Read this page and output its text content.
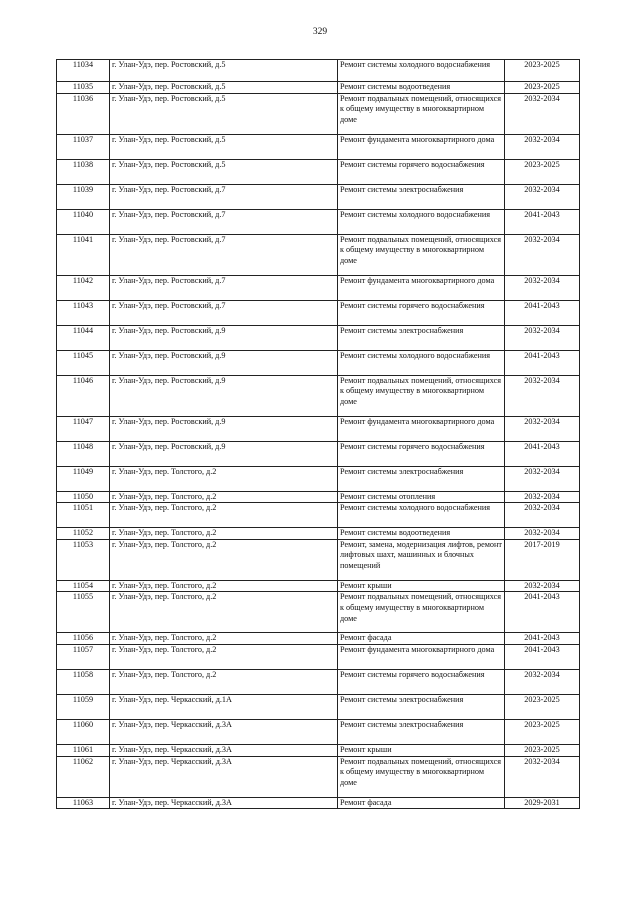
329
11034	г. Улан-Удэ, пер. Ростовский, д.5	Ремонт системы холодного водоснабжения	2023-2025
11035	г. Улан-Удэ, пер. Ростовский, д.5	Ремонт системы водоотведения	2023-2025
11036	г. Улан-Удэ, пер. Ростовский, д.5	Ремонт подвальных помещений, относящихся к общему имуществу в многоквартирном доме	2032-2034
11037	г. Улан-Удэ, пер. Ростовский, д.5	Ремонт фундамента многоквартирного дома	2032-2034
11038	г. Улан-Удэ, пер. Ростовский, д.5	Ремонт системы горячего водоснабжения	2023-2025
11039	г. Улан-Удэ, пер. Ростовский, д.7	Ремонт системы электроснабжения	2032-2034
11040	г. Улан-Удэ, пер. Ростовский, д.7	Ремонт системы холодного водоснабжения	2041-2043
11041	г. Улан-Удэ, пер. Ростовский, д.7	Ремонт подвальных помещений, относящихся к общему имуществу в многоквартирном доме	2032-2034
11042	г. Улан-Удэ, пер. Ростовский, д.7	Ремонт фундамента многоквартирного дома	2032-2034
11043	г. Улан-Удэ, пер. Ростовский, д.7	Ремонт системы горячего водоснабжения	2041-2043
11044	г. Улан-Удэ, пер. Ростовский, д.9	Ремонт системы электроснабжения	2032-2034
11045	г. Улан-Удэ, пер. Ростовский, д.9	Ремонт системы холодного водоснабжения	2041-2043
11046	г. Улан-Удэ, пер. Ростовский, д.9	Ремонт подвальных помещений, относящихся к общему имуществу в многоквартирном доме	2032-2034
11047	г. Улан-Удэ, пер. Ростовский, д.9	Ремонт фундамента многоквартирного дома	2032-2034
11048	г. Улан-Удэ, пер. Ростовский, д.9	Ремонт системы горячего водоснабжения	2041-2043
11049	г. Улан-Удэ, пер. Толстого, д.2	Ремонт системы электроснабжения	2032-2034
11050	г. Улан-Удэ, пер. Толстого, д.2	Ремонт системы отопления	2032-2034
11051	г. Улан-Удэ, пер. Толстого, д.2	Ремонт системы холодного водоснабжения	2032-2034
11052	г. Улан-Удэ, пер. Толстого, д.2	Ремонт системы водоотведения	2032-2034
11053	г. Улан-Удэ, пер. Толстого, д.2	Ремонт, замена, модернизация лифтов, ремонт лифтовых шахт, машинных и блочных помещений	2017-2019
11054	г. Улан-Удэ, пер. Толстого, д.2	Ремонт крыши	2032-2034
11055	г. Улан-Удэ, пер. Толстого, д.2	Ремонт подвальных помещений, относящихся к общему имуществу в многоквартирном доме	2041-2043
11056	г. Улан-Удэ, пер. Толстого, д.2	Ремонт фасада	2041-2043
11057	г. Улан-Удэ, пер. Толстого, д.2	Ремонт фундамента многоквартирного дома	2041-2043
11058	г. Улан-Удэ, пер. Толстого, д.2	Ремонт системы горячего водоснабжения	2032-2034
11059	г. Улан-Удэ, пер. Черкасский, д.1А	Ремонт системы электроснабжения	2023-2025
11060	г. Улан-Удэ, пер. Черкасский, д.3А	Ремонт системы электроснабжения	2023-2025
11061	г. Улан-Удэ, пер. Черкасский, д.3А	Ремонт крыши	2023-2025
11062	г. Улан-Удэ, пер. Черкасский, д.3А	Ремонт подвальных помещений, относящихся к общему имуществу в многоквартирном доме	2032-2034
11063	г. Улан-Удэ, пер. Черкасский, д.3А	Ремонт фасада	2029-2031
